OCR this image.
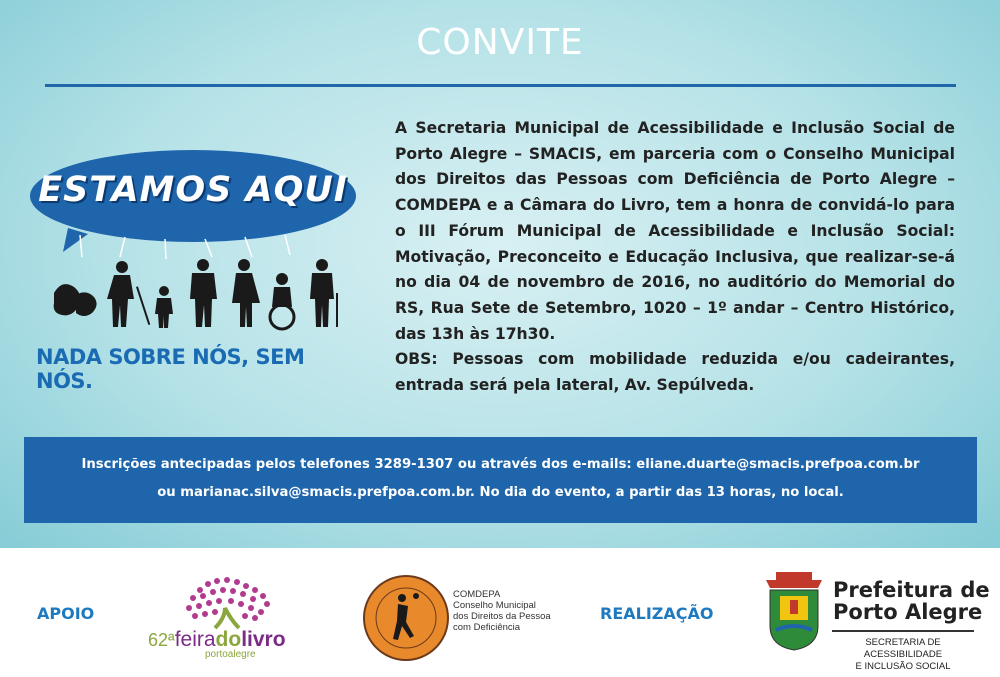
CONVITE
ESTAMOS AQUI
NADA SOBRE NÓS, SEM NÓS.

A Secretaria Municipal de Acessibilidade e Inclusão Social de Porto Alegre – SMACIS, em parceria com o Conselho Municipal dos Direitos das Pessoas com Deficiência de Porto Alegre – COMDEPA e a Câmara do Livro, tem a honra de convidá-lo para o III Fórum Municipal de Acessibilidade e Inclusão Social: Motivação, Preconceito e Educação Inclusiva, que realizar-se-á no dia 04 de novembro de 2016, no auditório do Memorial do RS, Rua Sete de Setembro, 1020 – 1º andar – Centro Histórico, das 13h às 17h30.

OBS: Pessoas com mobilidade reduzida e/ou cadeirantes, entrada será pela lateral, Av. Sepúlveda.

Inscrições antecipadas pelos telefones 3289-1307 ou através dos e-mails: eliane.duarte@smacis.prefpoa.com.br
ou marianac.silva@smacis.prefpoa.com.br. No dia do evento, a partir das 13 horas, no local.
APOIO
62ªfeiradolivro
portoalegre
COMDEPA
Conselho Municipal
dos Direitos da Pessoa
com Deficiência
REALIZAÇÃO
Prefeitura de
Porto Alegre
SECRETARIA DE ACESSIBILIDADE
E INCLUSÃO SOCIAL
